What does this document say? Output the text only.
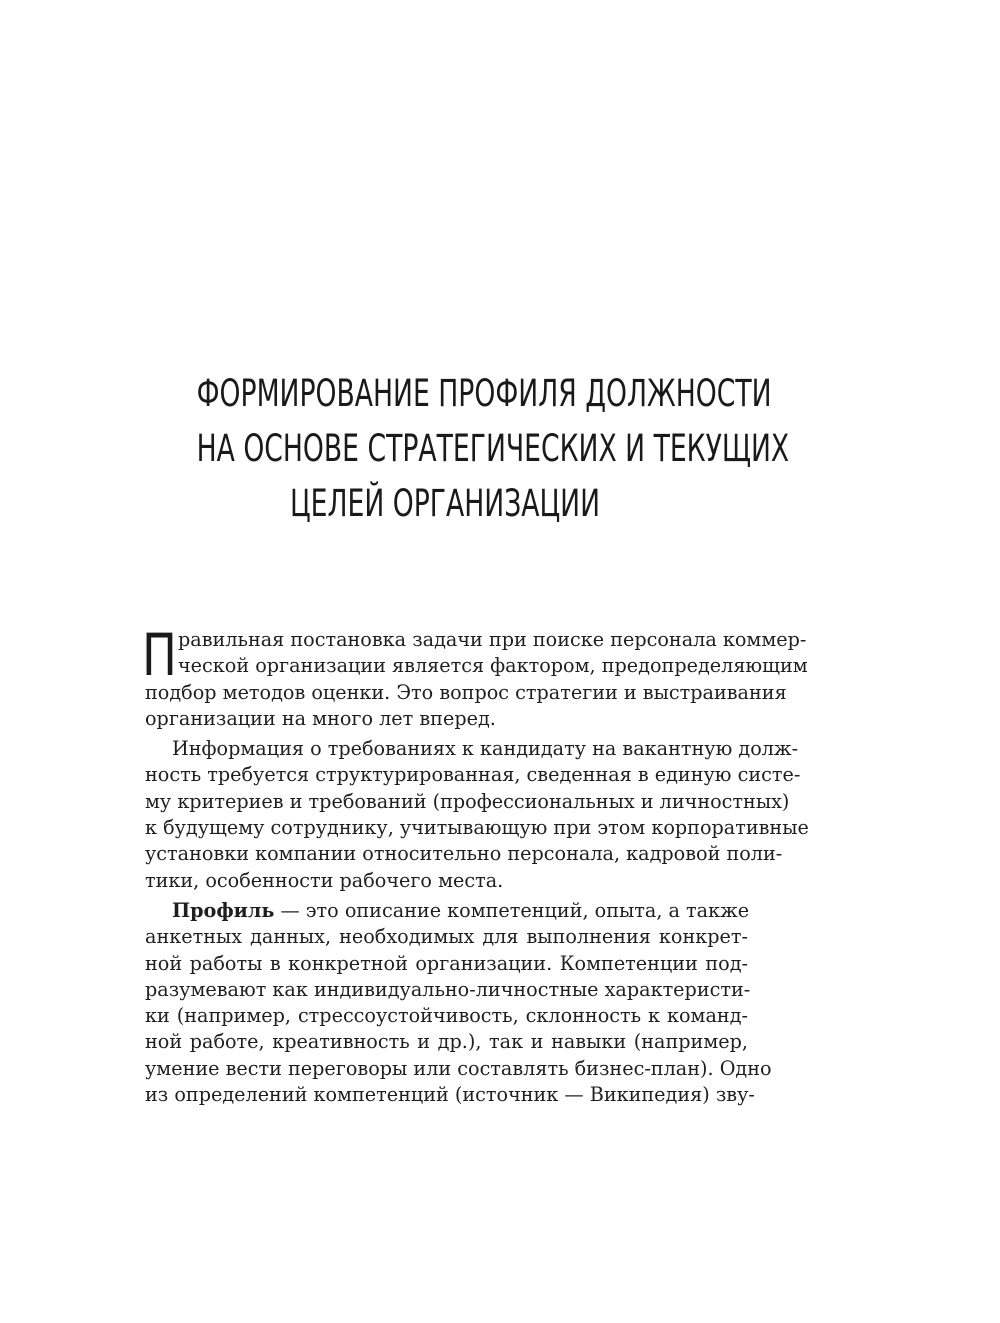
ФОРМИРОВАНИЕ ПРОФИЛЯ ДОЛЖНОСТИ
НА ОСНОВЕ СТРАТЕГИЧЕСКИХ И ТЕКУЩИХ
ЦЕЛЕЙ ОРГАНИЗАЦИИ
П равильная постановка задачи при поиске персонала коммер-
ческой организации является фактором, предопределяющим
подбор методов оценки. Это вопрос стратегии и выстраивания
организации на много лет вперед.
Информация о требованиях к кандидату на вакантную долж-
ность требуется структурированная, сведенная в единую систе-
му критериев и требований (профессиональных и личностных)
к будущему сотруднику, учитывающую при этом корпоративные
установки компании относительно персонала, кадровой поли-
тики, особенности рабочего места.
Профиль — это описание компетенций, опыта, а также
анкетных данных, необходимых для выполнения конкрет-
ной работы в конкретной организации. Компетенции под-
разумевают как индивидуально-личностные характеристи-
ки (например, стрессоустойчивость, склонность к команд-
ной работе, креативность и др.), так и навыки (например,
умение вести переговоры или составлять бизнес-план). Одно
из определений компетенций (источник — Википедия) зву-
